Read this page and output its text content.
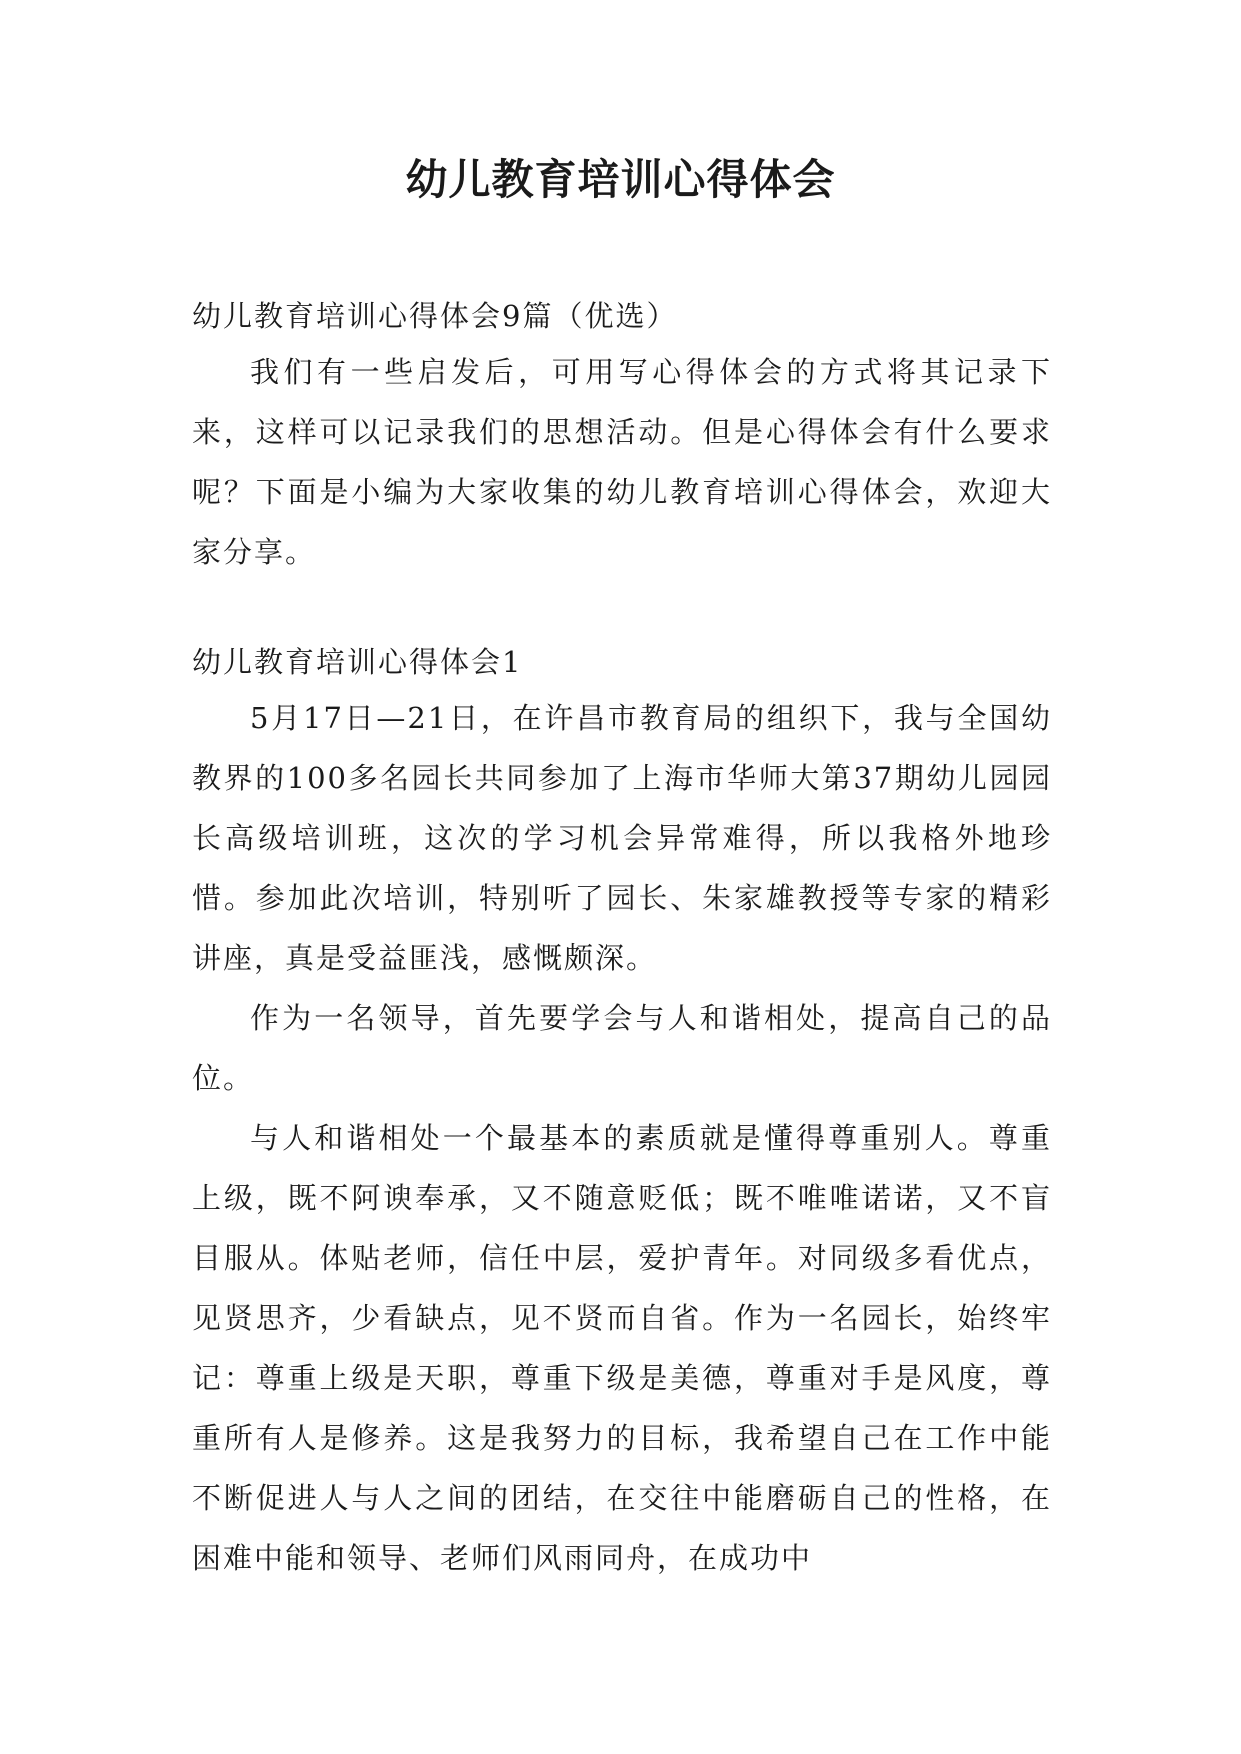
幼儿教育培训心得体会
幼儿教育培训心得体会9篇（优选）

我们有一些启发后，可用写心得体会的方式将其记录下来，这样可以记录我们的思想活动。但是心得体会有什么要求呢？下面是小编为大家收集的幼儿教育培训心得体会，欢迎大家分享。

幼儿教育培训心得体会1

5月17日—21日，在许昌市教育局的组织下，我与全国幼教界的100多名园长共同参加了上海市华师大第37期幼儿园园长高级培训班，这次的学习机会异常难得，所以我格外地珍惜。参加此次培训，特别听了园长、朱家雄教授等专家的精彩讲座，真是受益匪浅，感慨颇深。

作为一名领导，首先要学会与人和谐相处，提高自己的品位。

与人和谐相处一个最基本的素质就是懂得尊重别人。尊重上级，既不阿谀奉承，又不随意贬低；既不唯唯诺诺，又不盲目服从。体贴老师，信任中层，爱护青年。对同级多看优点，见贤思齐，少看缺点，见不贤而自省。作为一名园长，始终牢记：尊重上级是天职，尊重下级是美德，尊重对手是风度，尊重所有人是修养。这是我努力的目标，我希望自己在工作中能不断促进人与人之间的团结，在交往中能磨砺自己的性格，在困难中能和领导、老师们风雨同舟，在成功中
